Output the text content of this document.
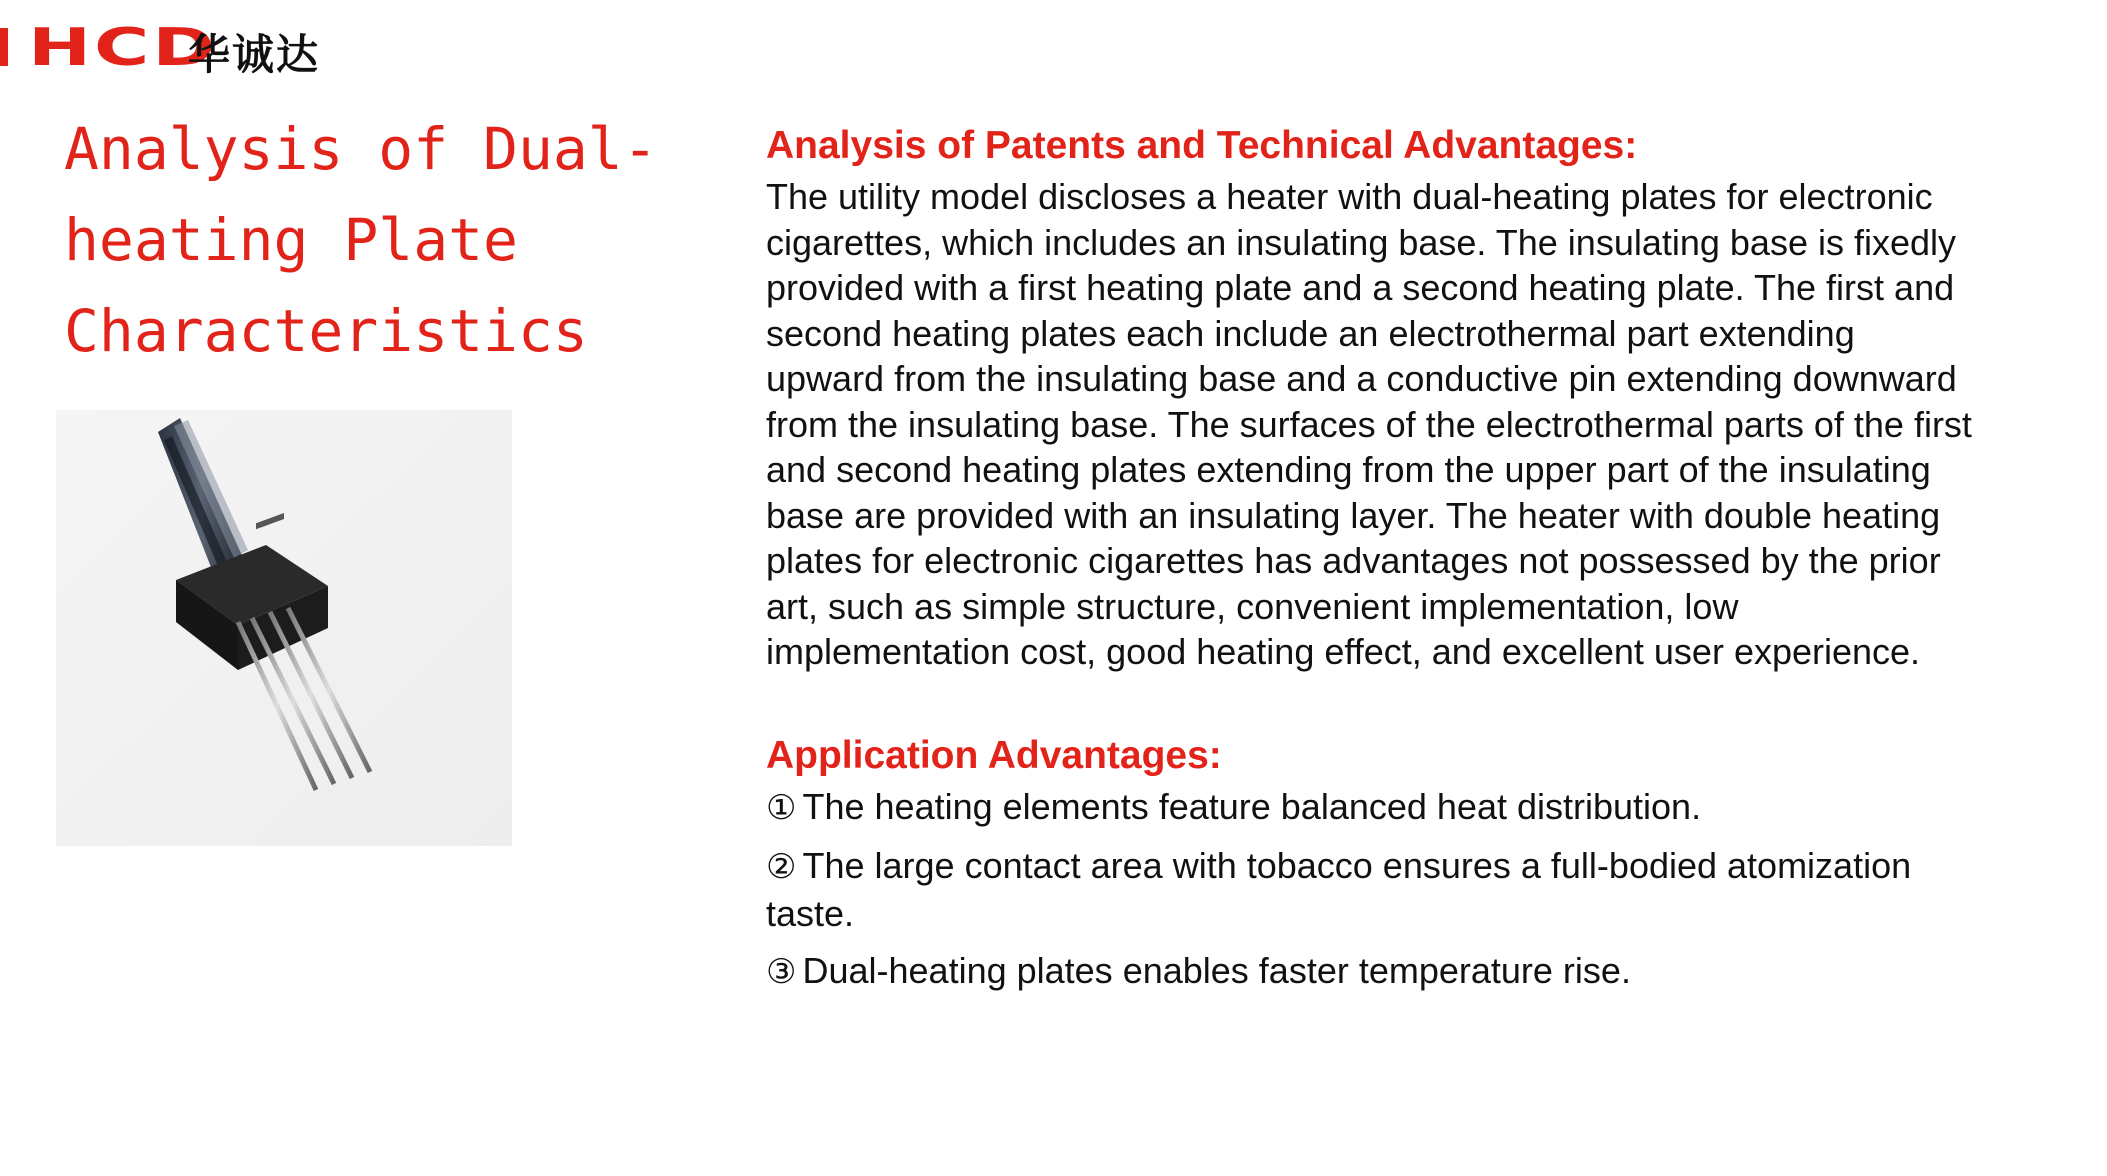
HCD
华诚达
Analysis of Dual-
heating Plate
Characteristics
Analysis of Patents and Technical Advantages:

The utility model discloses a heater with dual-heating plates for electronic
cigarettes, which includes an insulating base. The insulating base is fixedly
provided with a first heating plate and a second heating plate. The first and
second heating plates each include an electrothermal part extending
upward from the insulating base and a conductive pin extending downward
from the insulating base. The surfaces of the electrothermal parts of the first
and second heating plates extending from the upper part of the insulating
base are provided with an insulating layer. The heater with double heating
plates for electronic cigarettes has advantages not possessed by the prior
art, such as simple structure, convenient implementation, low
implementation cost, good heating effect, and excellent user experience.

Application Advantages:

① The heating elements feature balanced heat distribution.

② The large contact area with tobacco ensures a full-bodied atomization
taste.

③ Dual-heating plates enables faster temperature rise.
